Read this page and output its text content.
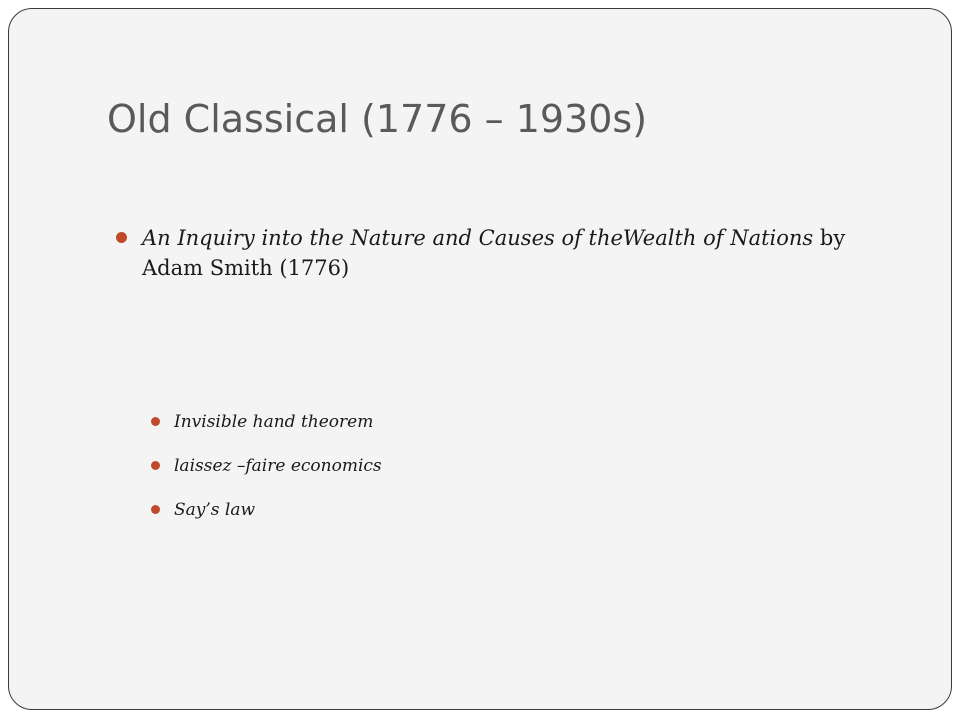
Old Classical (1776 – 1930s)
An Inquiry into the Nature and Causes of theWealth of Nations by Adam Smith (1776)
Invisible hand theorem
laissez –faire economics
Say’s law
